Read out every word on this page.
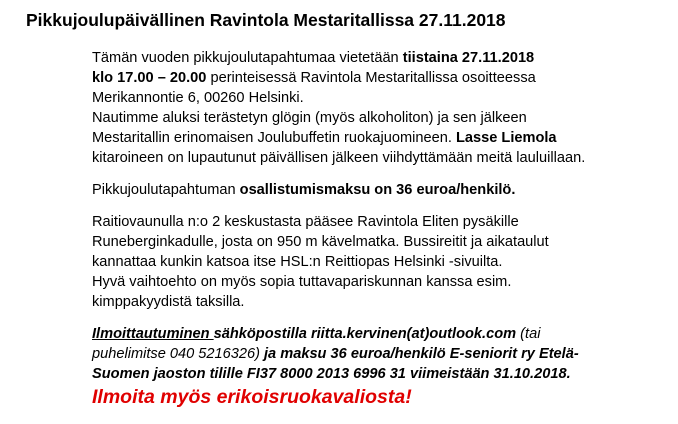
Pikkujoulupäivällinen Ravintola Mestaritallissa 27.11.2018

Tämän vuoden pikkujoulutapahtumaa vietetään tiistaina 27.11.2018
klo 17.00 – 20.00 perinteisessä Ravintola Mestaritallissa osoitteessa
Merikannontie 6, 00260 Helsinki.
Nautimme aluksi terästetyn glögin (myös alkoholiton) ja sen jälkeen
Mestaritallin erinomaisen Joulubuffetin ruokajuomineen. Lasse Liemola
kitaroineen on lupautunut päivällisen jälkeen viihdyttämään meitä lauluillaan.

Pikkujoulutapahtuman osallistumismaksu on 36 euroa/henkilö.

Raitiovaunulla n:o 2 keskustasta pääsee Ravintola Eliten pysäkille
Runeberginkadulle, josta on 950 m kävelmatka. Bussireitit ja aikataulut
kannattaa kunkin katsoa itse HSL:n Reittiopas Helsinki -sivuilta.
Hyvä vaihtoehto on myös sopia tuttavapariskunnan kanssa esim.
kimppakyydistä taksilla.

Ilmoittautuminen sähköpostilla riitta.kervinen(at)outlook.com (tai
puhelimitse 040 5216326) ja maksu 36 euroa/henkilö E-seniorit ry Etelä-
Suomen jaoston tilille FI37 8000 2013 6996 31 viimeistään 31.10.2018.

Ilmoita myös erikoisruokavaliosta!
